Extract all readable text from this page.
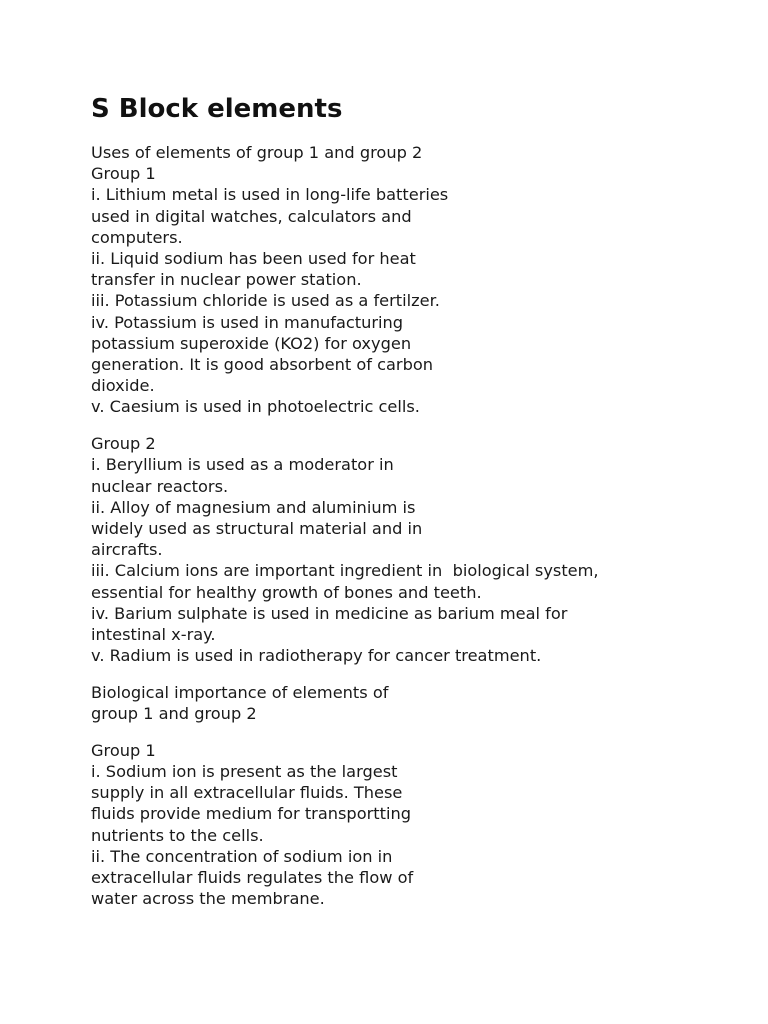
S Block elements
Uses of elements of group 1 and group 2
Group 1
i. Lithium metal is used in long-life batteries
used in digital watches, calculators and
computers.
ii. Liquid sodium has been used for heat
transfer in nuclear power station.
iii. Potassium chloride is used as a fertilzer.
iv. Potassium is used in manufacturing
potassium superoxide (KO2) for oxygen
generation. It is good absorbent of carbon
dioxide.
v. Caesium is used in photoelectric cells.
Group 2
i. Beryllium is used as a moderator in
nuclear reactors.
ii. Alloy of magnesium and aluminium is
widely used as structural material and in
aircrafts.
iii. Calcium ions are important ingredient in  biological system,
essential for healthy growth of bones and teeth.
iv. Barium sulphate is used in medicine as barium meal for
intestinal x-ray.
v. Radium is used in radiotherapy for cancer treatment.
Biological importance of elements of
group 1 and group 2
Group 1
i. Sodium ion is present as the largest
supply in all extracellular fluids. These
fluids provide medium for transportting
nutrients to the cells.
ii. The concentration of sodium ion in
extracellular fluids regulates the flow of
water across the membrane.
